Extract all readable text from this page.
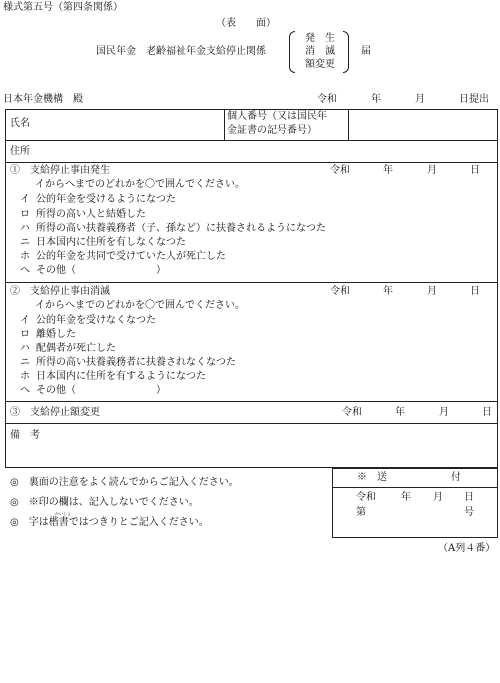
様式第五号（第四条関係）
（表　　面）
国民年金　老齢福祉年金支給停止関係
発　生
消　滅
額変更
届
日本年金機構　殿	令和	年	月	日提出
氏名
個人番号（又は国民年
金証書の記号番号）
住所
①　支給停止事由発生	令和	年	月	日
イからへまでのどれかを〇で囲んでください。
イ 公的年金を受けるようになつた
ロ 所得の高い人と結婚した
ハ 所得の高い扶養義務者（子、孫など）に扶養されるようになつた
ニ 日本国内に住所を有しなくなつた
ホ 公的年金を共同で受けていた人が死亡した
ヘ その他（　　　　　　　　）
②　支給停止事由消滅	令和	年	月	日
イからへまでのどれかを〇で囲んでください。
イ 公的年金を受けなくなつた
ロ 離婚した
ハ 配偶者が死亡した
ニ 所得の高い扶養義務者に扶養されなくなつた
ホ 日本国内に住所を有するようになつた
ヘ その他（　　　　　　　　）
③　支給停止額変更	令和	年	月	日
備　考
◎　裏面の注意をよく読んでからご記入ください。
◎　※印の欄は、記入しないでください。
◎　字は楷書ではつきりとご記入ください。
かいしょ
※　送	付
令和	年 月 日
第	号
（A列４番）
